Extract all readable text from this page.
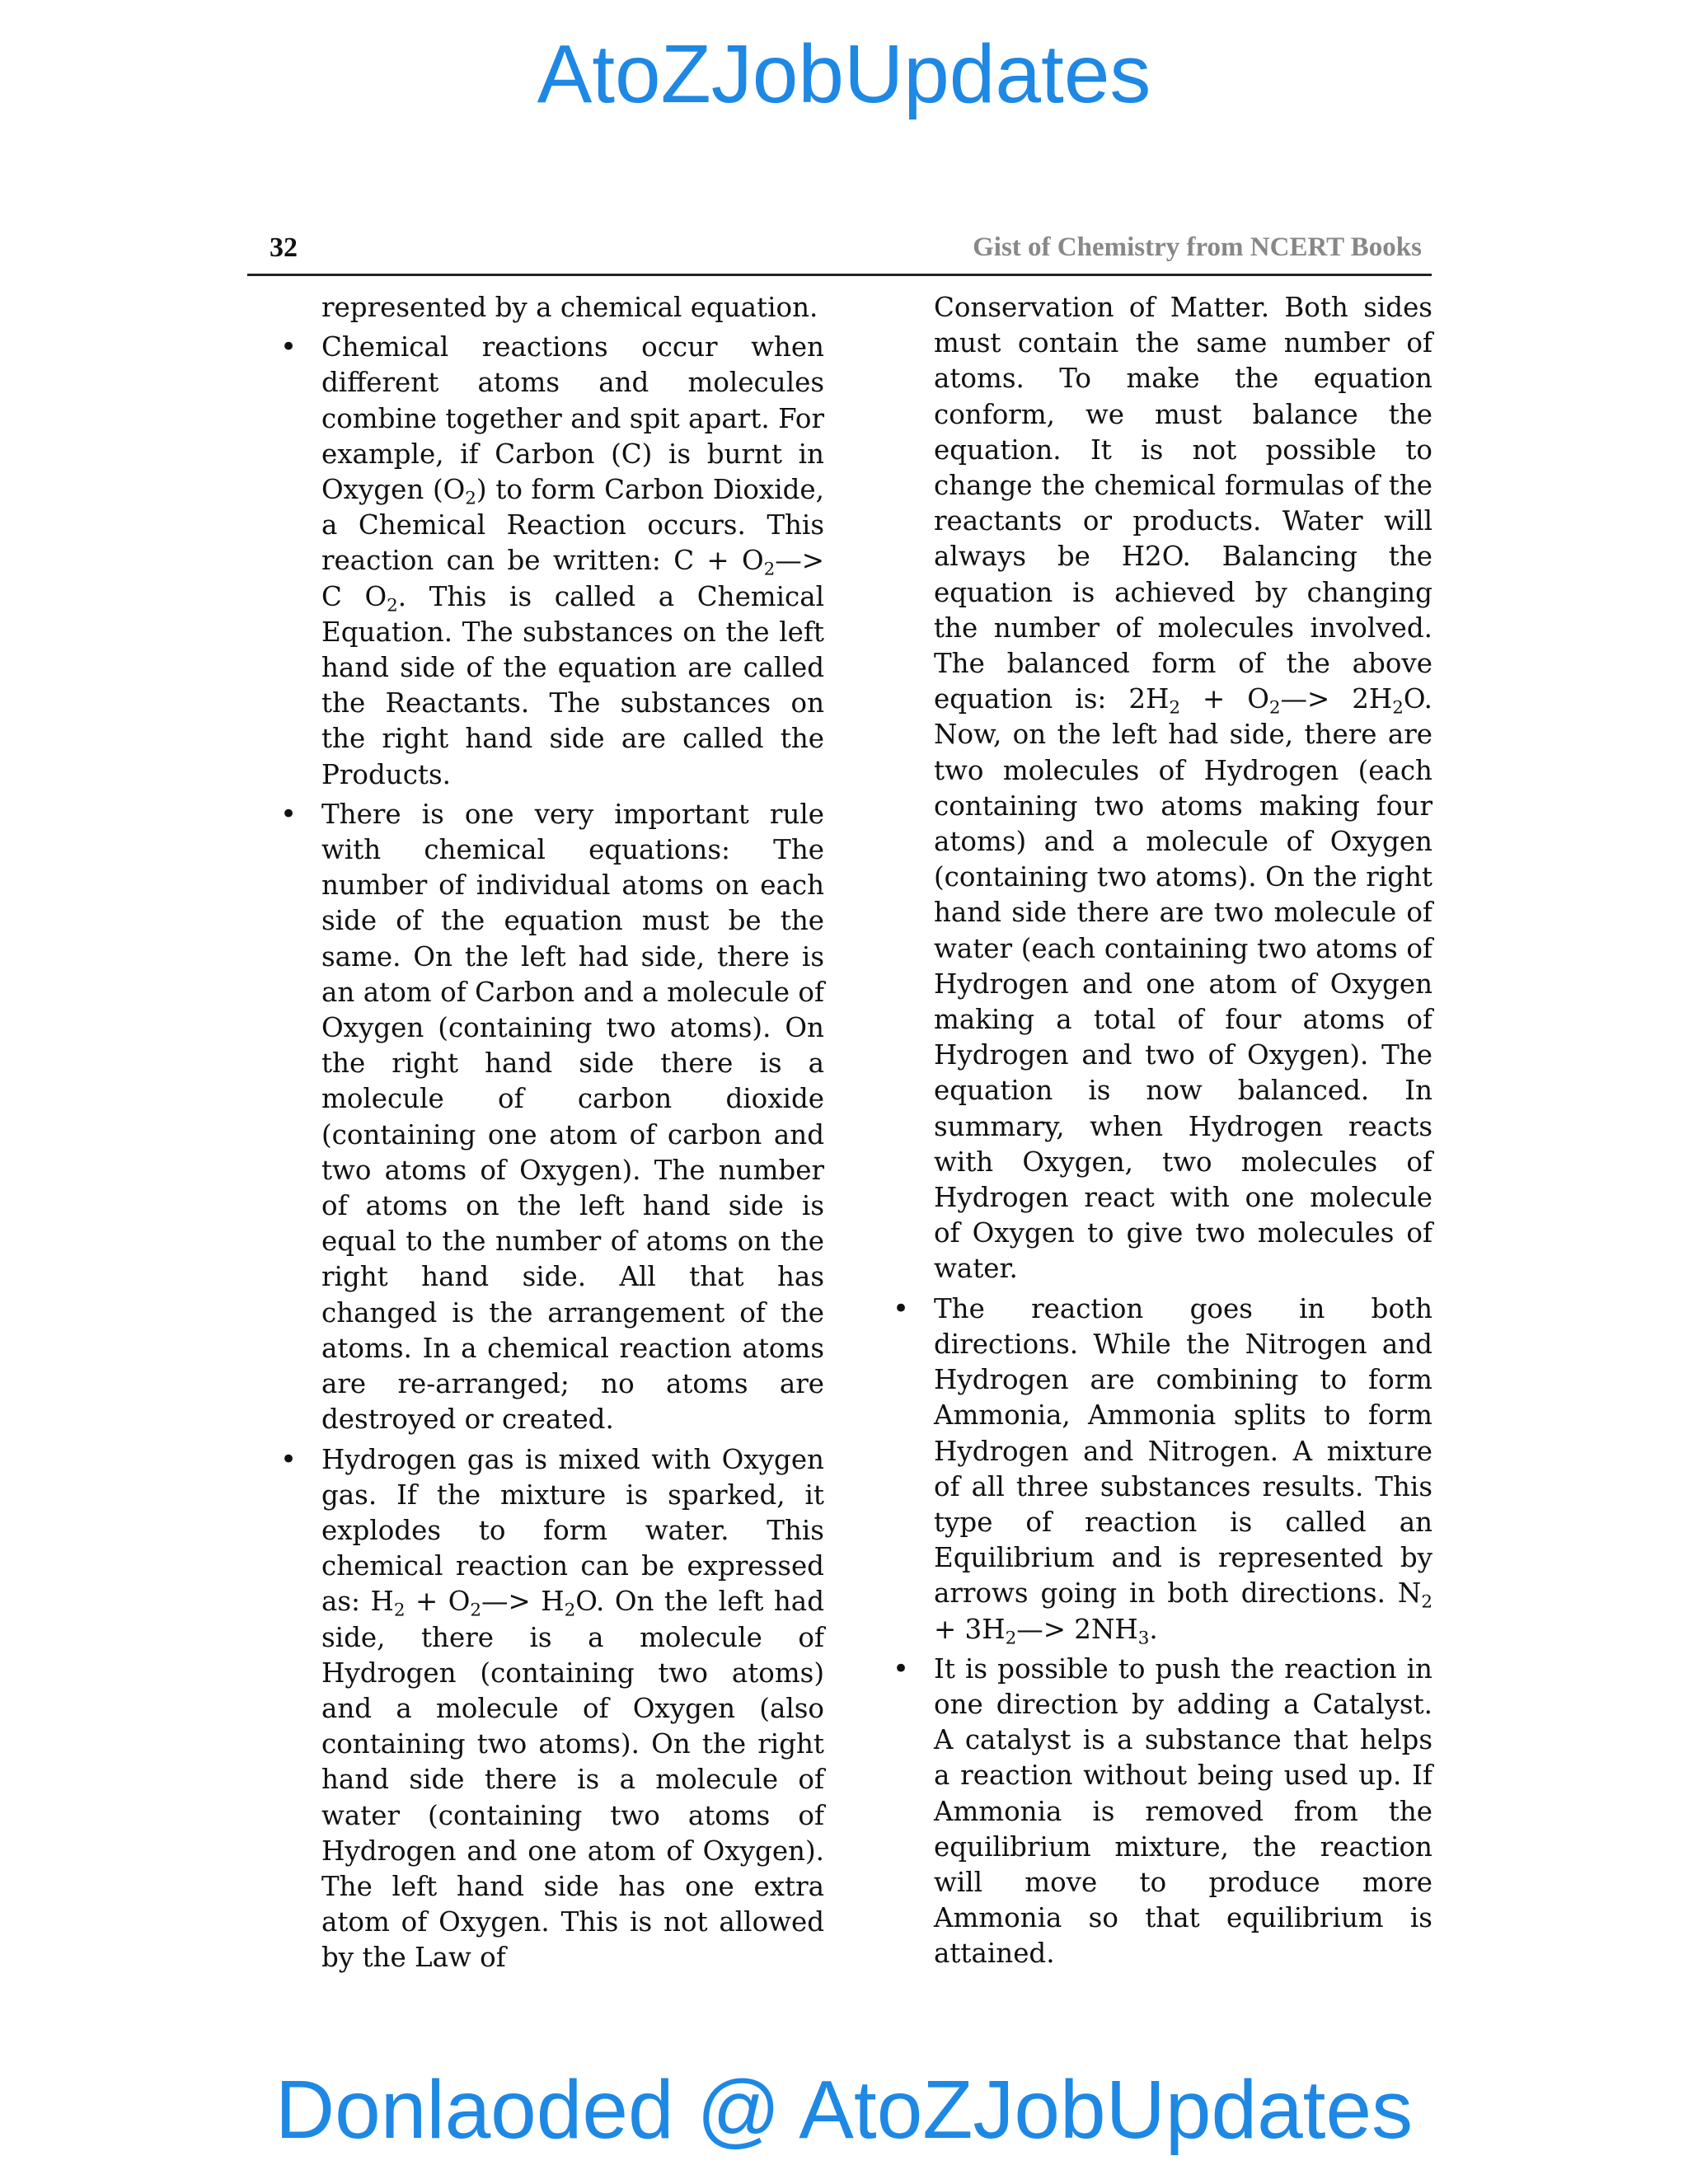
AtoZJobUpdates
32	Gist of Chemistry from NCERT Books

represented by a chemical equation.

• Chemical reactions occur when different atoms and molecules combine together and spit apart. For example, if Carbon (C) is burnt in Oxygen $(O_2)$ to form Carbon Dioxide, a Chemical Reaction occurs. This reaction can be written: $C + O_2—> C$ $O_2$. This is called a Chemical Equation. The substances on the left hand side of the equation are called the Reactants. The substances on the right hand side are called the Products.

• There is one very important rule with chemical equations: The number of individual atoms on each side of the equation must be the same. On the left had side, there is an atom of Carbon and a molecule of Oxygen (containing two atoms). On the right hand side there is a molecule of carbon dioxide (containing one atom of carbon and two atoms of Oxygen). The number of atoms on the left hand side is equal to the number of atoms on the right hand side. All that has changed is the arrangement of the atoms. In a chemical reaction atoms are re-arranged; no atoms are destroyed or created.

• Hydrogen gas is mixed with Oxygen gas. If the mixture is sparked, it explodes to form water. This chemical reaction can be expressed as: $H_2$ + $O_2—> H_2O$. On the left had side, there is a molecule of Hydrogen (containing two atoms) and a molecule of Oxygen (also containing two atoms). On the right hand side there is a molecule of water (containing two atoms of Hydrogen and one atom of Oxygen). The left hand side has one extra atom of Oxygen. This is not allowed by the Law of

Conservation of Matter. Both sides must contain the same number of atoms. To make the equation conform, we must balance the equation. It is not possible to change the chemical formulas of the reactants or products. Water will always be H2O. Balancing the equation is achieved by changing the number of molecules involved. The balanced form of the above equation is: $2H_2$ + $O_2—> 2H_2O$. Now, on the left had side, there are two molecules of Hydrogen (each containing two atoms making four atoms) and a molecule of Oxygen (containing two atoms). On the right hand side there are two molecule of water (each containing two atoms of Hydrogen and one atom of Oxygen making a total of four atoms of Hydrogen and two of Oxygen). The equation is now balanced. In summary, when Hydrogen reacts with Oxygen, two molecules of Hydrogen react with one molecule of Oxygen to give two molecules of water.

• The reaction goes in both directions. While the Nitrogen and Hydrogen are combining to form Ammonia, Ammonia splits to form Hydrogen and Nitrogen. A mixture of all three substances results. This type of reaction is called an Equilibrium and is represented by arrows going in both directions. $N_2$ + $3H_2—> 2NH_3$.

• It is possible to push the reaction in one direction by adding a Catalyst. A catalyst is a substance that helps a reaction without being used up. If Ammonia is removed from the equilibrium mixture, the reaction will move to produce more Ammonia so that equilibrium is attained.

Donlaoded @ AtoZJobUpdates
